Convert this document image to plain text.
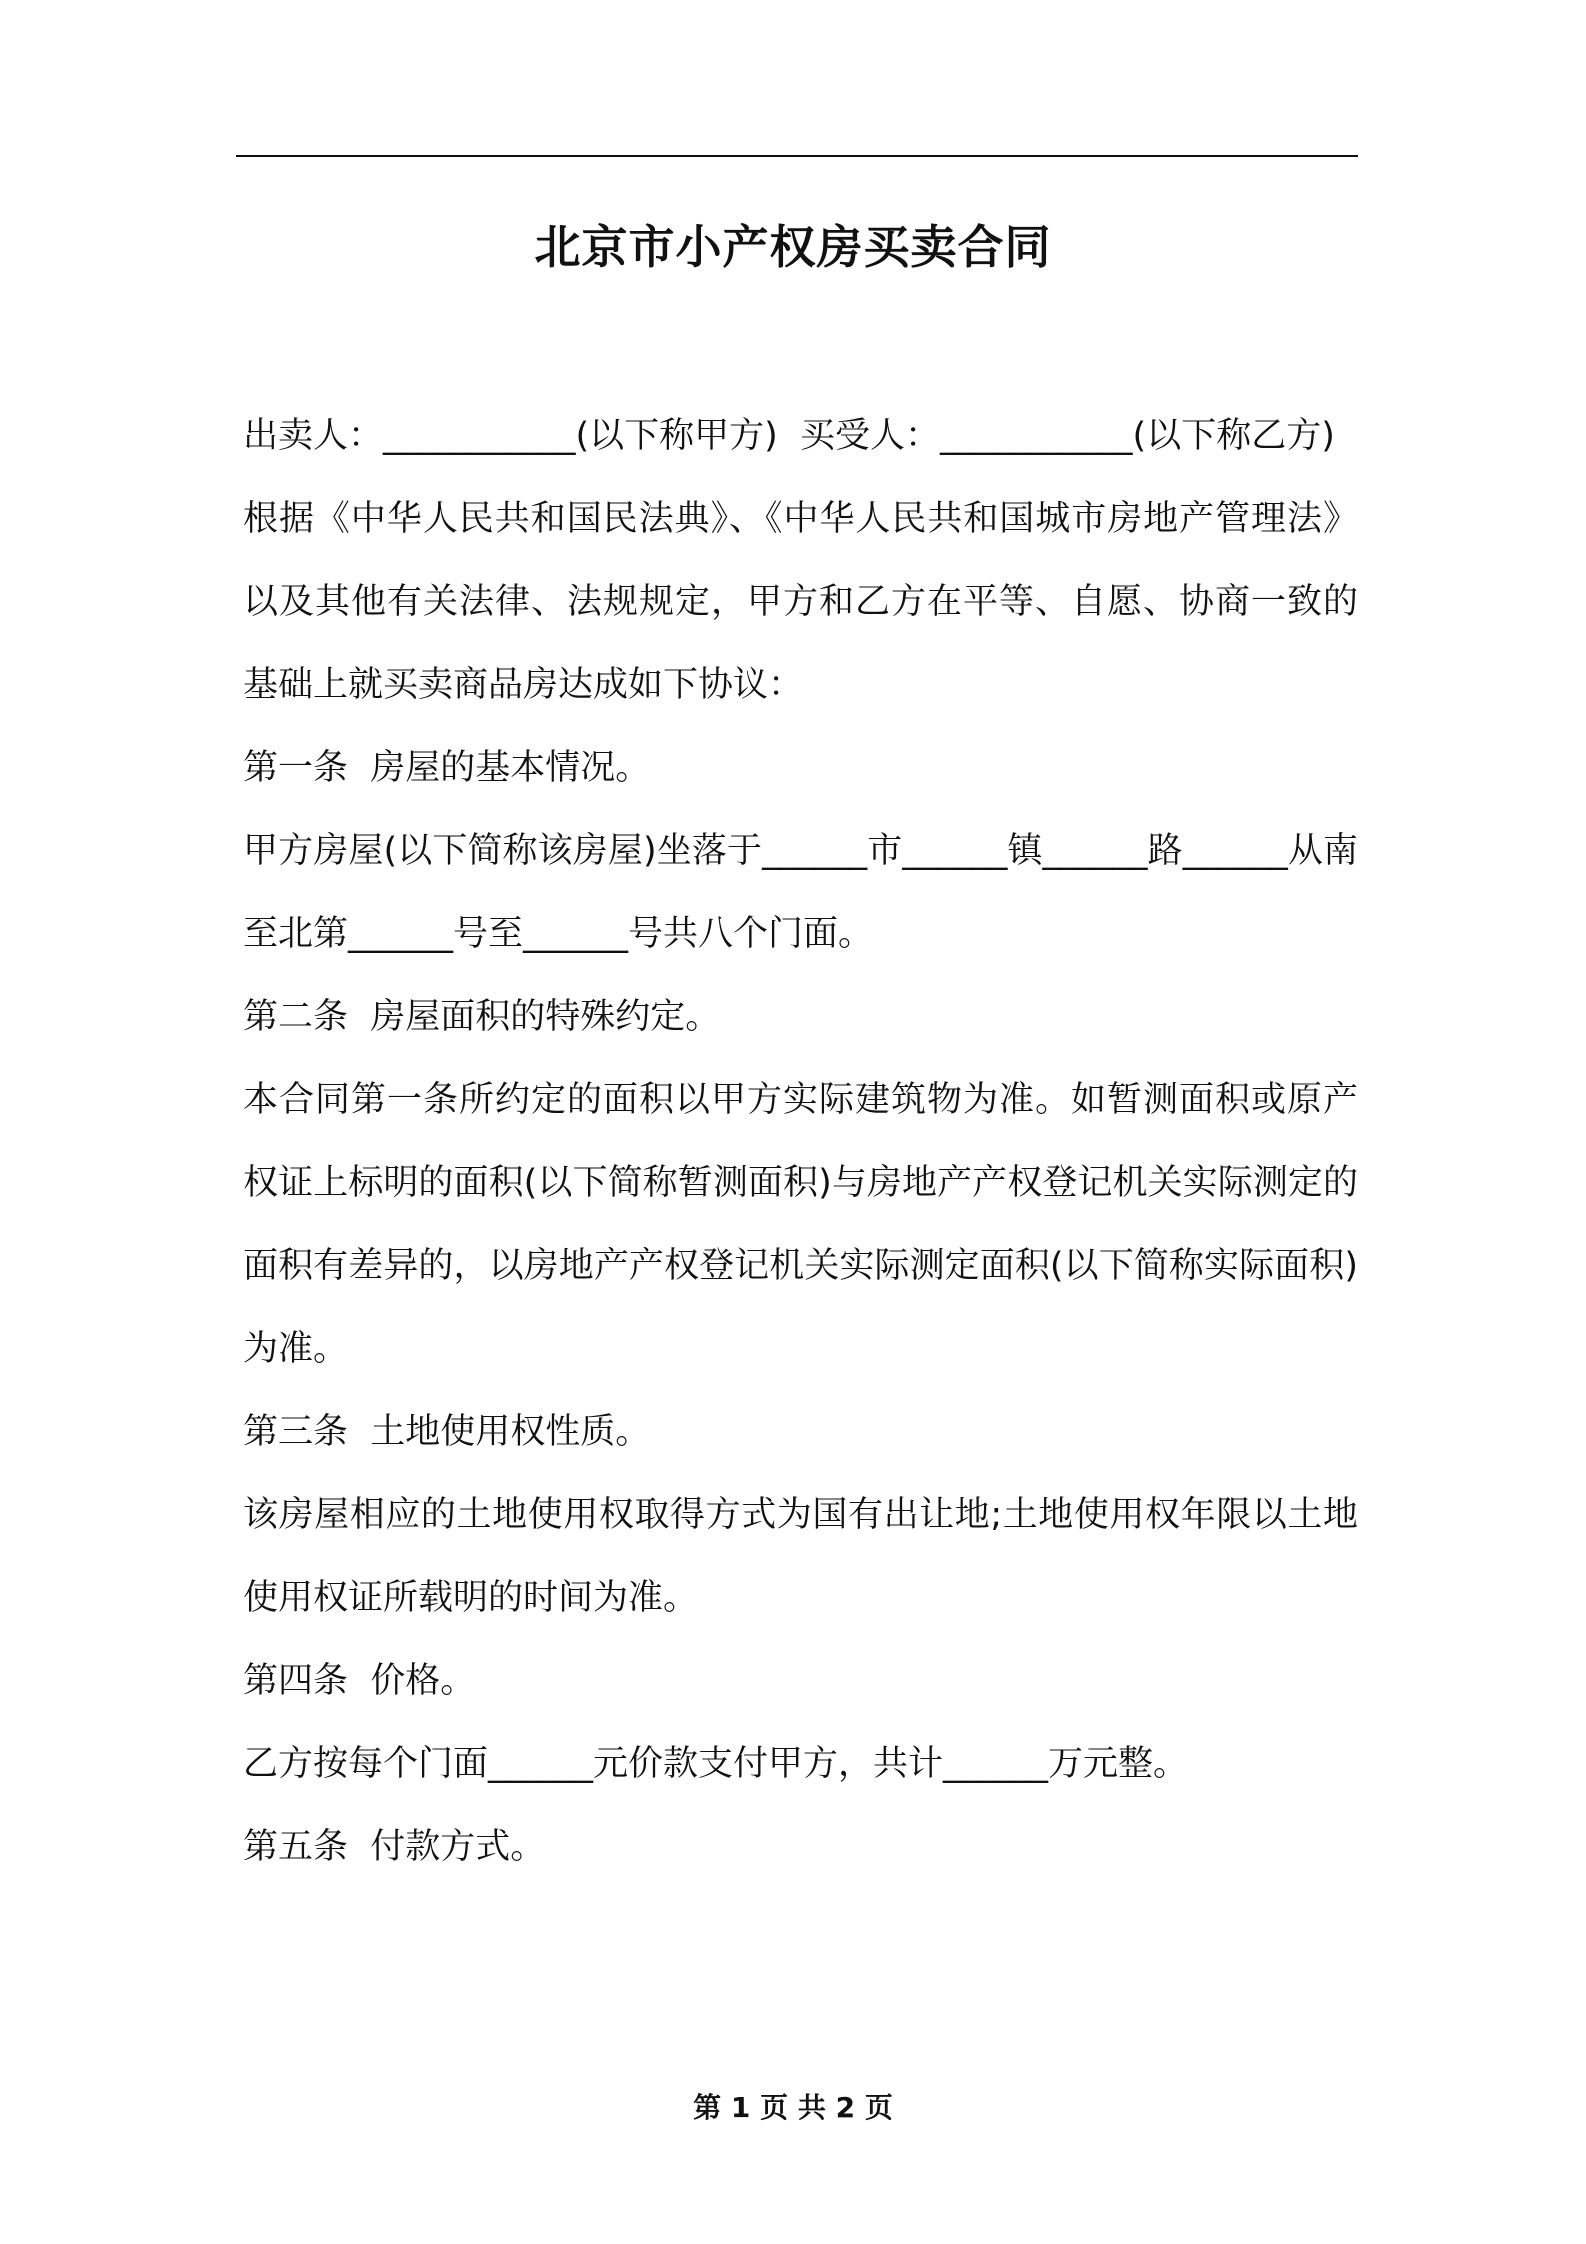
北京市小产权房买卖合同

出卖人：___________(以下称甲方)  买受人：___________(以下称乙方)

根据《中华人民共和国民法典》、《中华人民共和国城市房地产管理法》以及其他有关法律、法规规定，甲方和乙方在平等、自愿、协商一致的基础上就买卖商品房达成如下协议：

第一条  房屋的基本情况。

甲方房屋(以下简称该房屋)坐落于______市______镇______路______从南至北第______号至______号共八个门面。

第二条  房屋面积的特殊约定。

本合同第一条所约定的面积以甲方实际建筑物为准。如暂测面积或原产权证上标明的面积(以下简称暂测面积)与房地产产权登记机关实际测定的面积有差异的，以房地产产权登记机关实际测定面积(以下简称实际面积)为准。

第三条  土地使用权性质。

该房屋相应的土地使用权取得方式为国有出让地;土地使用权年限以土地使用权证所载明的时间为准。

第四条  价格。

乙方按每个门面______元价款支付甲方，共计______万元整。

第五条  付款方式。

第 1 页 共 2 页
